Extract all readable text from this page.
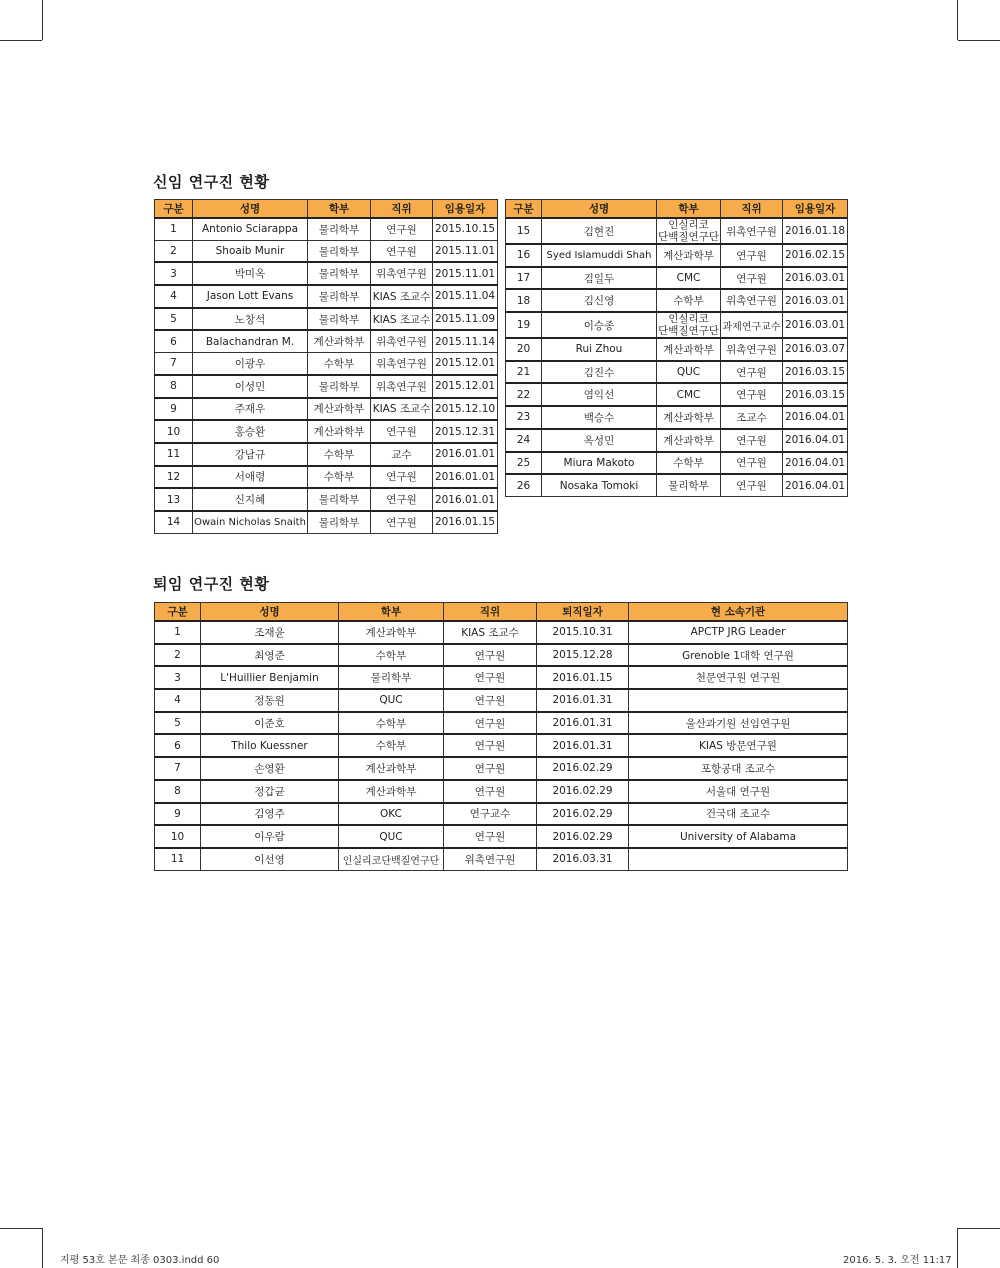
신임 연구진 현황
구분	성명	학부	직위	임용일자
1	Antonio Sciarappa	물리학부	연구원	2015.10.15
2	Shoaib Munir	물리학부	연구원	2015.11.01
3	박미옥	물리학부	위촉연구원	2015.11.01
4	Jason Lott Evans	물리학부	KIAS 조교수	2015.11.04
5	노창석	물리학부	KIAS 조교수	2015.11.09
6	Balachandran M.	계산과학부	위촉연구원	2015.11.14
7	이광우	수학부	위촉연구원	2015.12.01
8	이성민	물리학부	위촉연구원	2015.12.01
9	주재우	계산과학부	KIAS 조교수	2015.12.10
10	홍승환	계산과학부	연구원	2015.12.31
11	강남규	수학부	교수	2016.01.01
12	서애령	수학부	연구원	2016.01.01
13	신지혜	물리학부	연구원	2016.01.01
14	Owain Nicholas Snaith	물리학부	연구원	2016.01.15
구분	성명	학부	직위	임용일자
15	김현진	인실리코
단백질연구단	위촉연구원	2016.01.18

16	Syed Islamuddi Shah	계산과학부	연구원	2016.02.15
17	김일두	CMC	연구원	2016.03.01
18	김신영	수학부	위촉연구원	2016.03.01
19	이승종	인실리코
단백질연구단	과제연구교수	2016.03.01

20	Rui Zhou	계산과학부	위촉연구원	2016.03.07
21	김진수	QUC	연구원	2016.03.15
22	염익선	CMC	연구원	2016.03.15
23	백승수	계산과학부	조교수	2016.04.01
24	옥성민	계산과학부	연구원	2016.04.01
25	Miura Makoto	수학부	연구원	2016.04.01
26	Nosaka Tomoki	물리학부	연구원	2016.04.01
퇴임 연구진 현황
구분	성명	학부	직위	퇴직일자	현 소속기관
1	조재윤	계산과학부	KIAS 조교수	2015.10.31	APCTP JRG Leader
2	최영준	수학부	연구원	2015.12.28	Grenoble 1대학 연구원
3	L'Huillier Benjamin	물리학부	연구원	2016.01.15	천문연구원 연구원
4	정동원	QUC	연구원	2016.01.31	
5	이준호	수학부	연구원	2016.01.31	울산과기원 선임연구원
6	Thilo Kuessner	수학부	연구원	2016.01.31	KIAS 방문연구원
7	손영환	계산과학부	연구원	2016.02.29	포항공대 조교수
8	정갑균	계산과학부	연구원	2016.02.29	서울대 연구원
9	김영주	OKC	연구교수	2016.02.29	건국대 조교수
10	이우람	QUC	연구원	2016.02.29	University of Alabama
11	이선영	인실리코단백질연구단	위촉연구원	2016.03.31	
지평 53호 본문 최종 0303.indd 60	2016. 5. 3. 오전 11:17
